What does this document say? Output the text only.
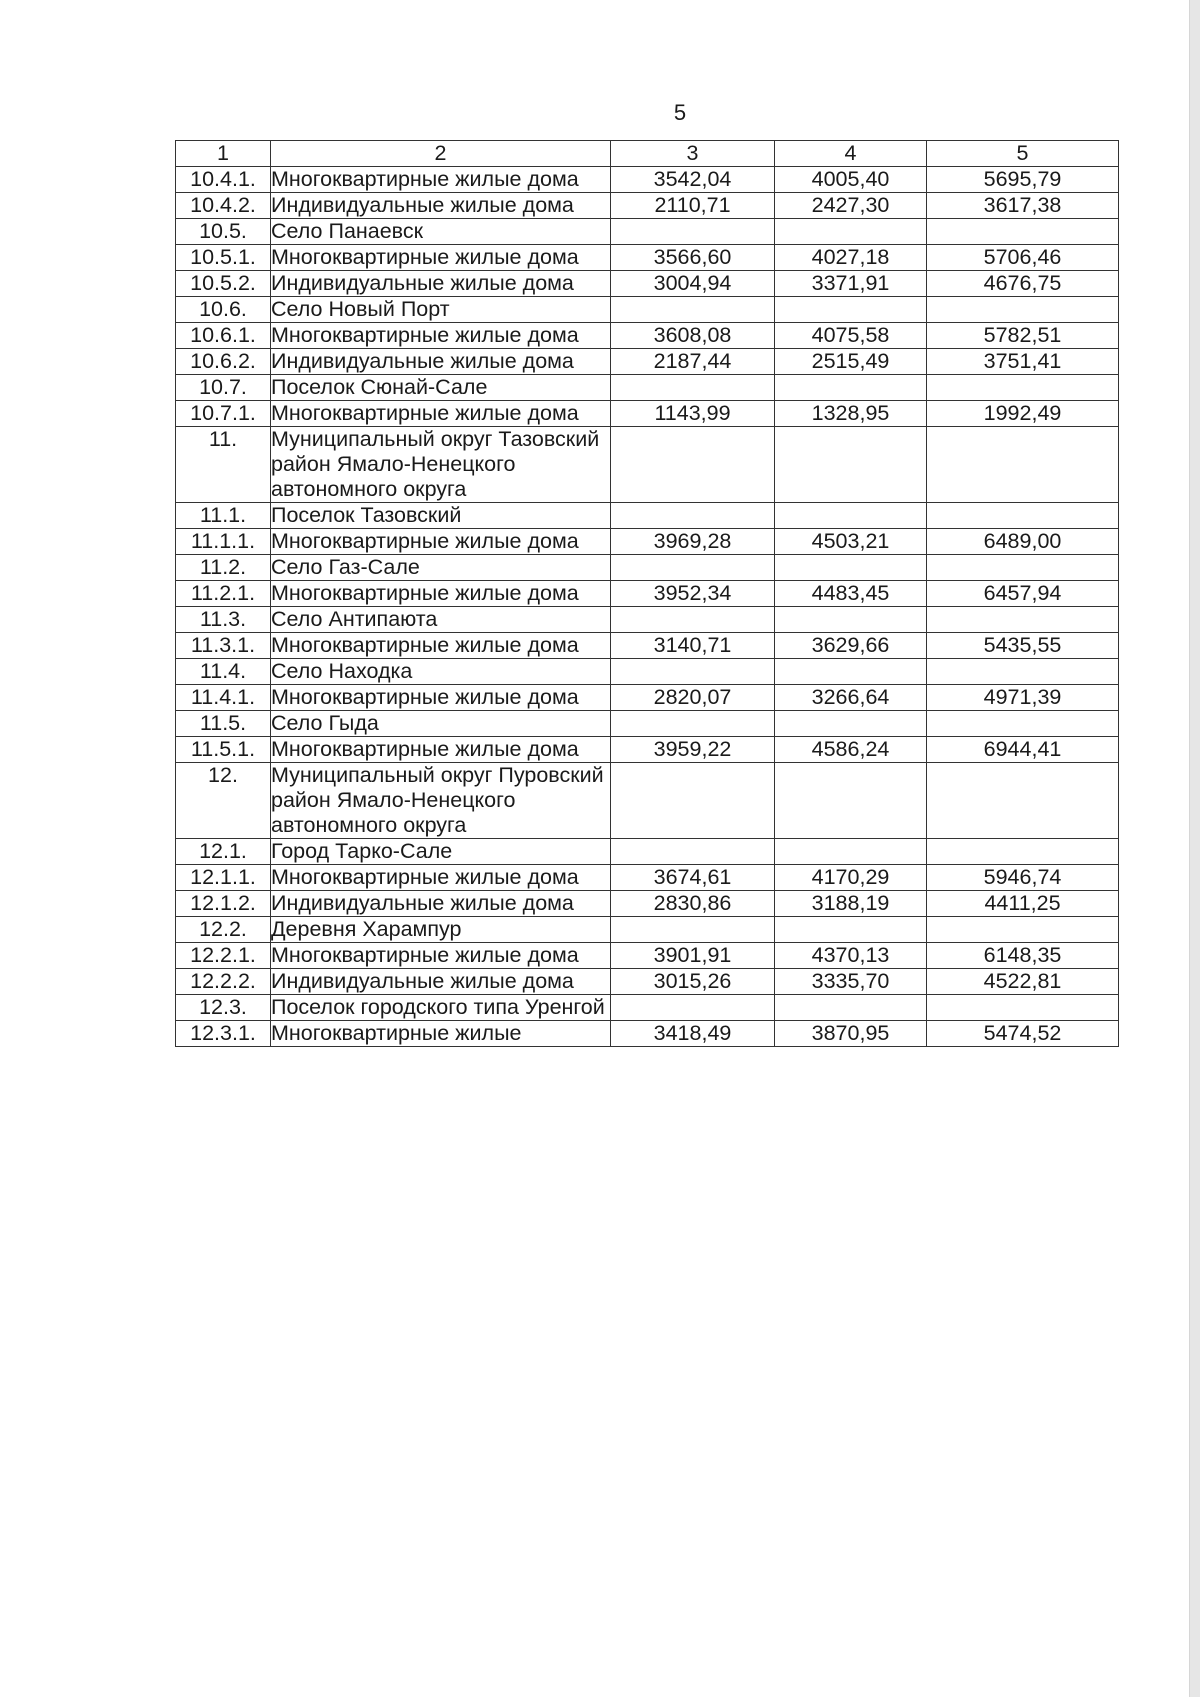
5
1	2	3	4	5
10.4.1.	Многоквартирные жилые дома	3542,04	4005,40	5695,79
10.4.2.	Индивидуальные жилые дома	2110,71	2427,30	3617,38
10.5.	Село Панаевск			
10.5.1.	Многоквартирные жилые дома	3566,60	4027,18	5706,46
10.5.2.	Индивидуальные жилые дома	3004,94	3371,91	4676,75
10.6.	Село Новый Порт			
10.6.1.	Многоквартирные жилые дома	3608,08	4075,58	5782,51
10.6.2.	Индивидуальные жилые дома	2187,44	2515,49	3751,41
10.7.	Поселок Сюнай-Сале			
10.7.1.	Многоквартирные жилые дома	1143,99	1328,95	1992,49
11.	Муниципальный округ Тазовский район Ямало-Ненецкого автономного округа			
11.1.	Поселок Тазовский			
11.1.1.	Многоквартирные жилые дома	3969,28	4503,21	6489,00
11.2.	Село Газ-Сале			
11.2.1.	Многоквартирные жилые дома	3952,34	4483,45	6457,94
11.3.	Село Антипаюта			
11.3.1.	Многоквартирные жилые дома	3140,71	3629,66	5435,55
11.4.	Село Находка			
11.4.1.	Многоквартирные жилые дома	2820,07	3266,64	4971,39
11.5.	Село Гыда			
11.5.1.	Многоквартирные жилые дома	3959,22	4586,24	6944,41
12.	Муниципальный округ Пуровский район Ямало-Ненецкого автономного округа			
12.1.	Город Тарко-Сале			
12.1.1.	Многоквартирные жилые дома	3674,61	4170,29	5946,74
12.1.2.	Индивидуальные жилые дома	2830,86	3188,19	4411,25
12.2.	Деревня Харампур			
12.2.1.	Многоквартирные жилые дома	3901,91	4370,13	6148,35
12.2.2.	Индивидуальные жилые дома	3015,26	3335,70	4522,81
12.3.	Поселок городского типа Уренгой			
12.3.1.	Многоквартирные жилые	3418,49	3870,95	5474,52
